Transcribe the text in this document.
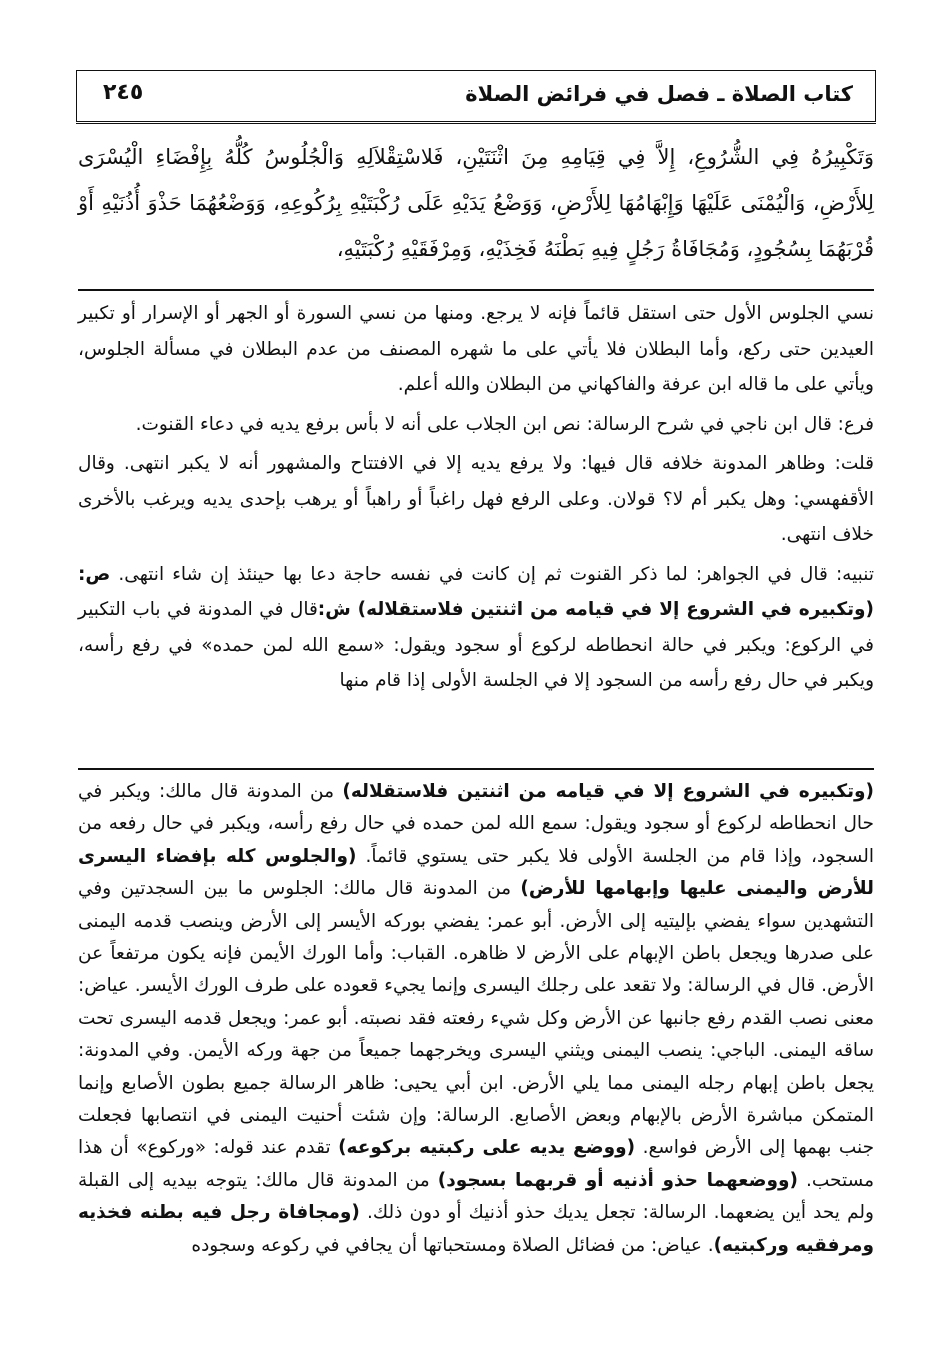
كتاب الصلاة ـ فصل في فرائض الصلاة
٢٤٥
وَتَكْبِيرُهُ فِي الشُّرُوعِ، إِلاَّ فِي قِيَامِهِ مِنَ اثْنَتَيْنِ، فَلاسْتِقْلاَلِهِ وَالْجُلُوسُ كُلُّهُ بِإِفْضَاءِ الْيُسْرَى لِلأَرْضِ، وَالْيُمْنَى عَلَيْهَا وَإِبْهَامُهَا لِلأَرْضِ، وَوَضْعُ يَدَيْهِ عَلَى رُكْبَتَيْهِ بِرُكُوعِهِ، وَوَضْعُهُمَا حَذْوَ أُذُنَيْهِ أَوْ قُرْبَهُمَا بِسُجُودٍ، وَمُجَافَاةُ رَجُلٍ فِيهِ بَطْنَهُ فَخِذَيْهِ، وَمِرْفَقَيْهِ رُكْبَتَيْهِ،

نسي الجلوس الأول حتى استقل قائماً فإنه لا يرجع. ومنها من نسي السورة أو الجهر أو الإسرار أو تكبير العيدين حتى ركع، وأما البطلان فلا يأتي على ما شهره المصنف من عدم البطلان في مسألة الجلوس، ويأتي على ما قاله ابن عرفة والفاكهاني من البطلان والله أعلم.

فرع: قال ابن ناجي في شرح الرسالة: نص ابن الجلاب على أنه لا بأس برفع يديه في دعاء القنوت.

قلت: وظاهر المدونة خلافه قال فيها: ولا يرفع يديه إلا في الافتتاح والمشهور أنه لا يكبر انتهى. وقال الأقفهسي: وهل يكبر أم لا؟ قولان. وعلى الرفع فهل راغباً أو راهباً أو يرهب بإحدى يديه ويرغب بالأخرى خلاف انتهى.

تنبيه: قال في الجواهر: لما ذكر القنوت ثم إن كانت في نفسه حاجة دعا بها حينئذ إن شاء انتهى. ص: (وتكبيره في الشروع إلا في قيامه من اثنتين فلاستقلاله) ش:قال في المدونة في باب التكبير في الركوع: ويكبر في حالة انحطاطه لركوع أو سجود ويقول: «سمع الله لمن حمده» في رفع رأسه، ويكبر في حال رفع رأسه من السجود إلا في الجلسة الأولى إذا قام منها

(وتكبيره في الشروع إلا في قيامه من اثنتين فلاستقلاله) من المدونة قال مالك: ويكبر في حال انحطاطه لركوع أو سجود ويقول: سمع الله لمن حمده في حال رفع رأسه، ويكبر في حال رفعه من السجود، وإذا قام من الجلسة الأولى فلا يكبر حتى يستوي قائماً. (والجلوس كله بإفضاء اليسرى للأرض واليمنى عليها وإبهامها للأرض) من المدونة قال مالك: الجلوس ما بين السجدتين وفي التشهدين سواء يفضي بإليتيه إلى الأرض. أبو عمر: يفضي بوركه الأيسر إلى الأرض وينصب قدمه اليمنى على صدرها ويجعل باطن الإبهام على الأرض لا ظاهره. القباب: وأما الورك الأيمن فإنه يكون مرتفعاً عن الأرض. قال في الرسالة: ولا تقعد على رجلك اليسرى وإنما يجيء قعوده على طرف الورك الأيسر. عياض: معنى نصب القدم رفع جانبها عن الأرض وكل شيء رفعته فقد نصبته. أبو عمر: ويجعل قدمه اليسرى تحت ساقه اليمنى. الباجي: ينصب اليمنى ويثني اليسرى ويخرجهما جميعاً من جهة وركه الأيمن. وفي المدونة: يجعل باطن إبهام رجله اليمنى مما يلي الأرض. ابن أبي يحيى: ظاهر الرسالة جميع بطون الأصابع وإنما المتمكن مباشرة الأرض بالإبهام وبعض الأصابع. الرسالة: وإن شئت أحنيت اليمنى في انتصابها فجعلت جنب بهمها إلى الأرض فواسع. (ووضع يديه على ركبتيه بركوعه) تقدم عند قوله: «وركوع» أن هذا مستحب. (ووضعهما حذو أذنيه أو قربهما بسجود) من المدونة قال مالك: يتوجه بيديه إلى القبلة ولم يحد أين يضعهما. الرسالة: تجعل يديك حذو أذنيك أو دون ذلك. (ومجافاة رجل فيه بطنه فخذيه ومرفقيه وركبتيه). عياض: من فضائل الصلاة ومستحباتها أن يجافي في ركوعه وسجوده
